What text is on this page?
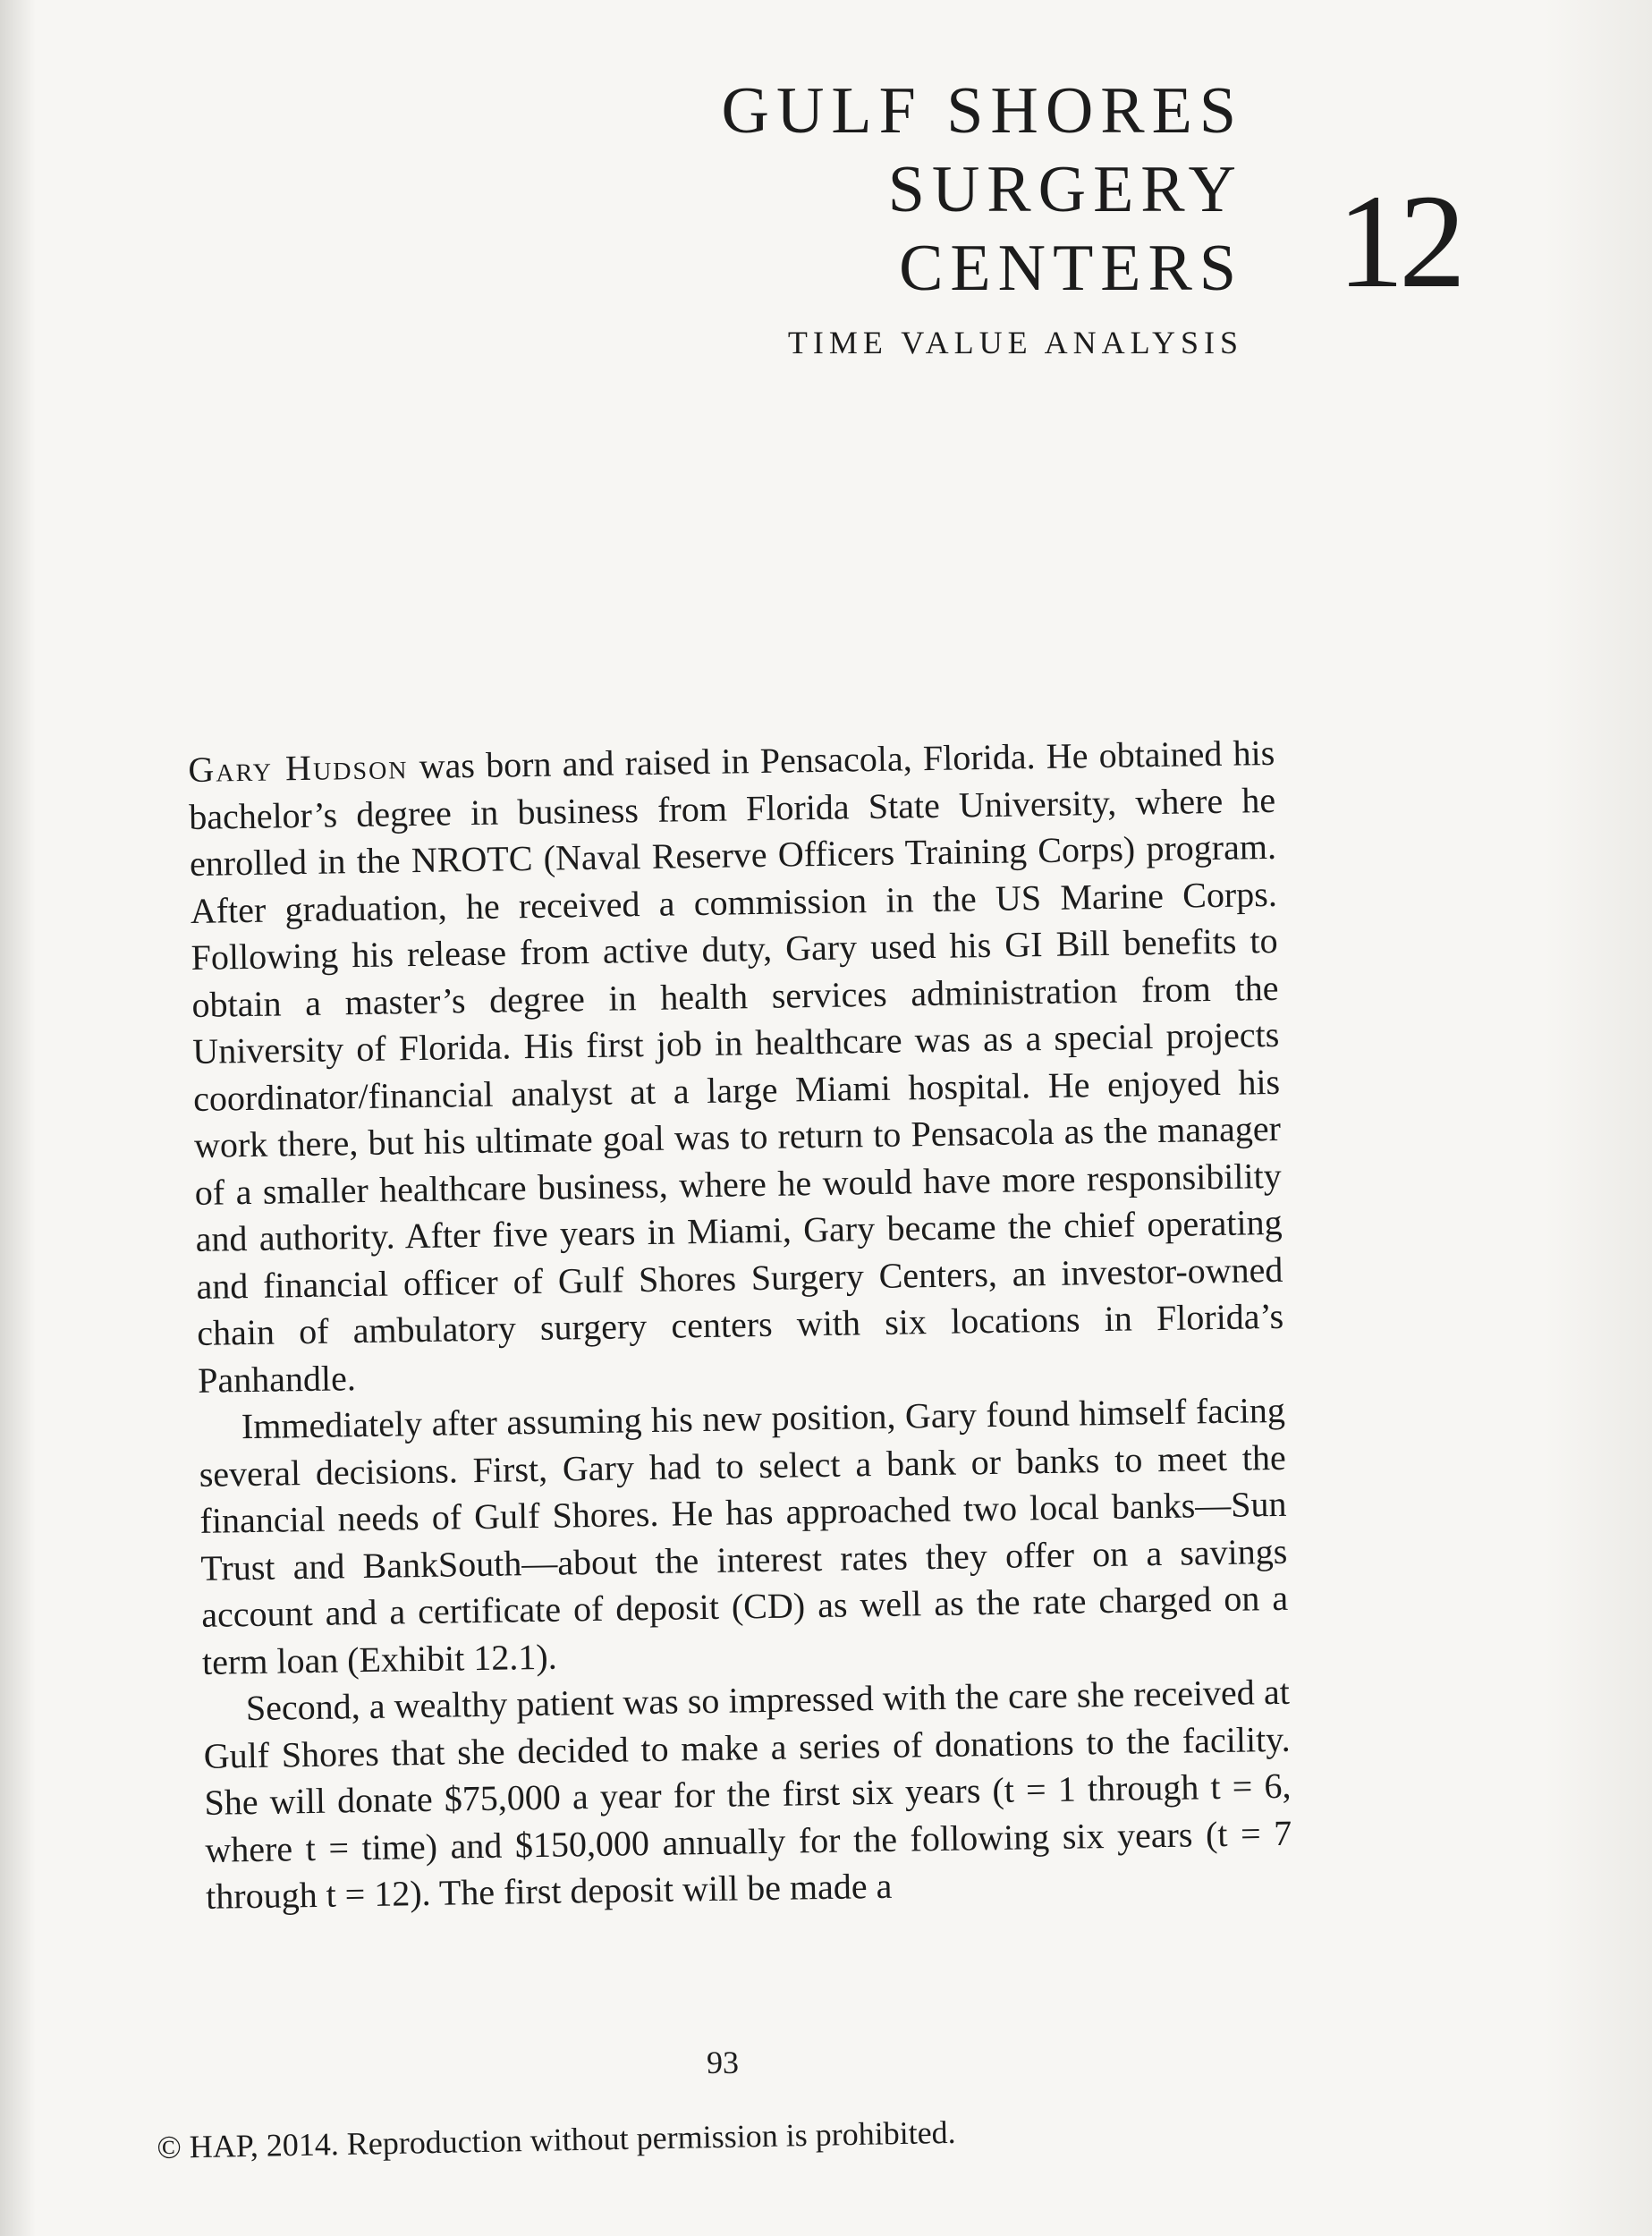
GULF SHORES
SURGERY
CENTERS
TIME VALUE ANALYSIS
12

Gary Hudson was born and raised in Pensacola, Florida. He obtained his bachelor’s degree in business from Florida State University, where he enrolled in the NROTC (Naval Reserve Officers Training Corps) program. After graduation, he received a commission in the US Marine Corps. Following his release from active duty, Gary used his GI Bill benefits to obtain a master’s degree in health services administration from the University of Florida. His first job in healthcare was as a special projects coordinator/financial analyst at a large Miami hospital. He enjoyed his work there, but his ultimate goal was to return to Pensacola as the manager of a smaller healthcare business, where he would have more responsibility and authority. After five years in Miami, Gary became the chief operating and financial officer of Gulf Shores Surgery Centers, an investor-owned chain of ambulatory surgery centers with six locations in Florida’s Panhandle.

Immediately after assuming his new position, Gary found himself facing several decisions. First, Gary had to select a bank or banks to meet the financial needs of Gulf Shores. He has approached two local banks—Sun Trust and BankSouth—about the interest rates they offer on a savings account and a certificate of deposit (CD) as well as the rate charged on a term loan (Exhibit 12.1).

Second, a wealthy patient was so impressed with the care she received at Gulf Shores that she decided to make a series of donations to the facility. She will donate $75,000 a year for the first six years (t = 1 through t = 6, where t = time) and $150,000 annually for the following six years (t = 7 through t = 12). The first deposit will be made a

93
© HAP, 2014. Reproduction without permission is prohibited.
